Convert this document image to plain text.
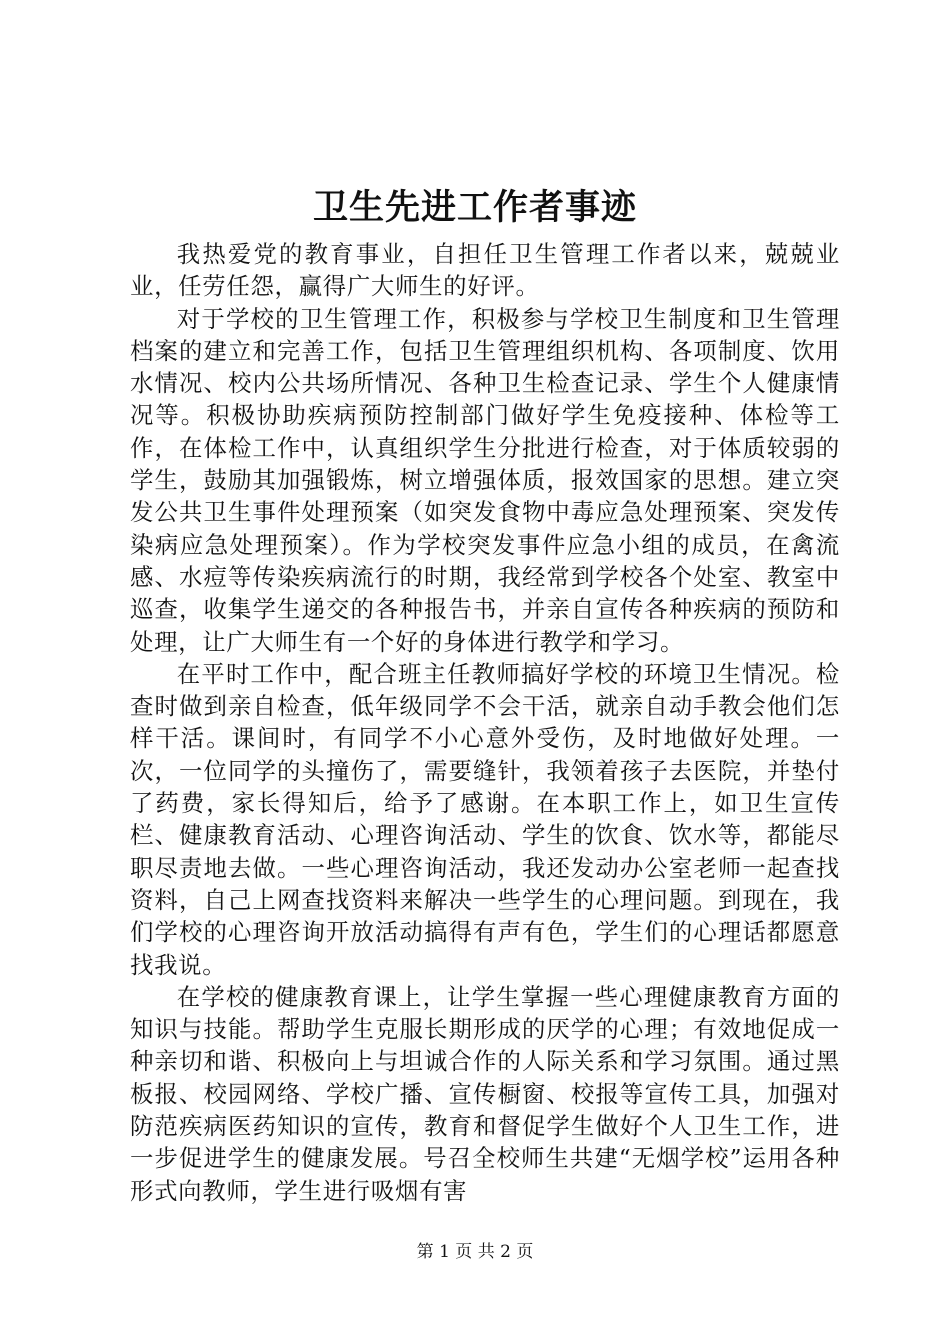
卫生先进工作者事迹

我热爱党的教育事业，自担任卫生管理工作者以来，兢兢业业，任劳任怨，赢得广大师生的好评。

对于学校的卫生管理工作，积极参与学校卫生制度和卫生管理档案的建立和完善工作，包括卫生管理组织机构、各项制度、饮用水情况、校内公共场所情况、各种卫生检查记录、学生个人健康情况等。积极协助疾病预防控制部门做好学生免疫接种、体检等工作，在体检工作中，认真组织学生分批进行检查，对于体质较弱的学生，鼓励其加强锻炼，树立增强体质，报效国家的思想。建立突发公共卫生事件处理预案（如突发食物中毒应急处理预案、突发传染病应急处理预案）。作为学校突发事件应急小组的成员，在禽流感、水痘等传染疾病流行的时期，我经常到学校各个处室、教室中巡查，收集学生递交的各种报告书，并亲自宣传各种疾病的预防和处理，让广大师生有一个好的身体进行教学和学习。

在平时工作中，配合班主任教师搞好学校的环境卫生情况。检查时做到亲自检查，低年级同学不会干活，就亲自动手教会他们怎样干活。课间时，有同学不小心意外受伤，及时地做好处理。一次，一位同学的头撞伤了，需要缝针，我领着孩子去医院，并垫付了药费，家长得知后，给予了感谢。在本职工作上，如卫生宣传栏、健康教育活动、心理咨询活动、学生的饮食、饮水等，都能尽职尽责地去做。一些心理咨询活动，我还发动办公室老师一起查找资料，自己上网查找资料来解决一些学生的心理问题。到现在，我们学校的心理咨询开放活动搞得有声有色，学生们的心理话都愿意找我说。

在学校的健康教育课上，让学生掌握一些心理健康教育方面的知识与技能。帮助学生克服长期形成的厌学的心理；有效地促成一种亲切和谐、积极向上与坦诚合作的人际关系和学习氛围。通过黑板报、校园网络、学校广播、宣传橱窗、校报等宣传工具，加强对防范疾病医药知识的宣传，教育和督促学生做好个人卫生工作，进一步促进学生的健康发展。号召全校师生共建“无烟学校”运用各种形式向教师，学生进行吸烟有害

第 1 页 共 2 页
